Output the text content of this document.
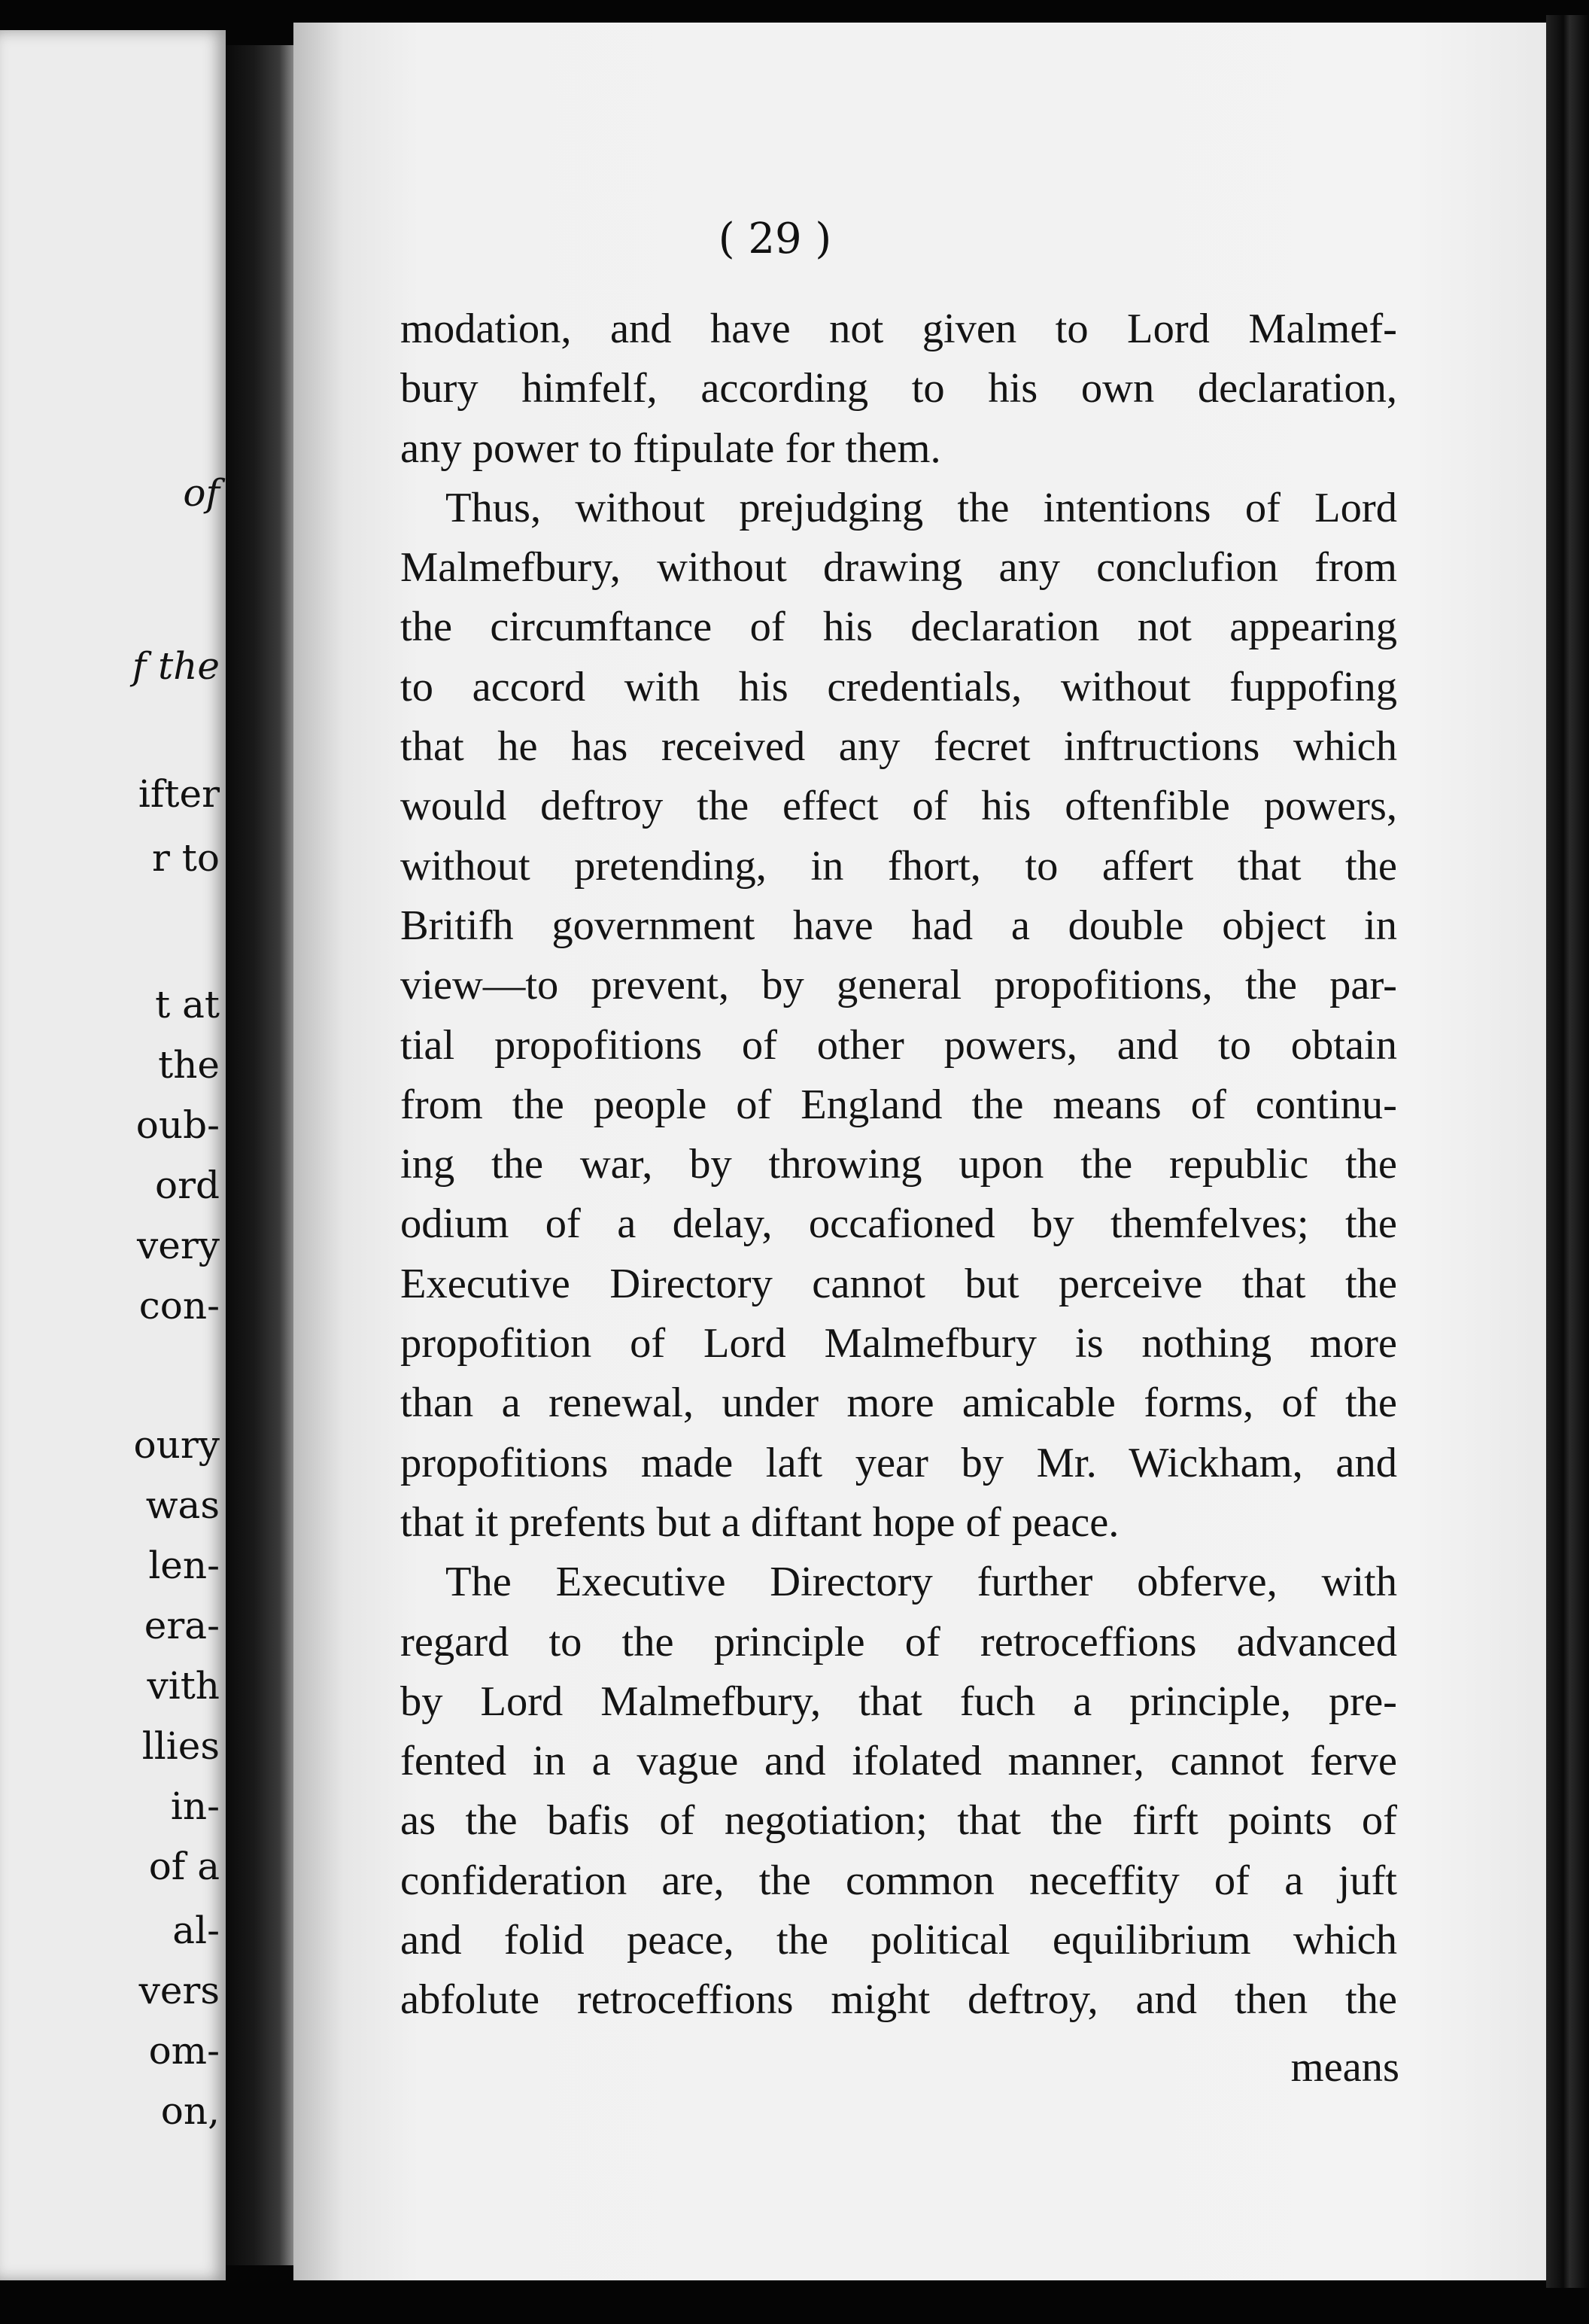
of
f the
ifter
r to
t at
the
oub-
ord
very
con-
oury
was
len-
era-
vith
llies
in-
of a
al-
vers
om-
on,
( 29 )
modation, and have not given to Lord Malmef-
bury himfelf, according to his own declaration,
any power to ftipulate for them.
Thus, without prejudging the intentions of Lord
Malmefbury, without drawing any conclufion from
the circumftance of his declaration not appearing
to accord with his credentials, without fuppofing
that he has received any fecret inftructions which
would deftroy the effect of his oftenfible powers,
without pretending, in fhort, to affert that the
Britifh government have had a double object in
view—to prevent, by general propofitions, the par-
tial propofitions of other powers, and to obtain
from the people of England the means of continu-
ing the war, by throwing upon the republic the
odium of a delay, occafioned by themfelves; the
Executive Directory cannot but perceive that the
propofition of Lord Malmefbury is nothing more
than a renewal, under more amicable forms, of the
propofitions made laft year by Mr. Wickham, and
that it prefents but a diftant hope of peace.
The Executive Directory further obferve, with
regard to the principle of retroceffions advanced
by Lord Malmefbury, that fuch a principle, pre-
fented in a vague and ifolated manner, cannot ferve
as the bafis of negotiation; that the firft points of
confideration are, the common neceffity of a juft
and folid peace, the political equilibrium which
abfolute retroceffions might deftroy, and then the
means
